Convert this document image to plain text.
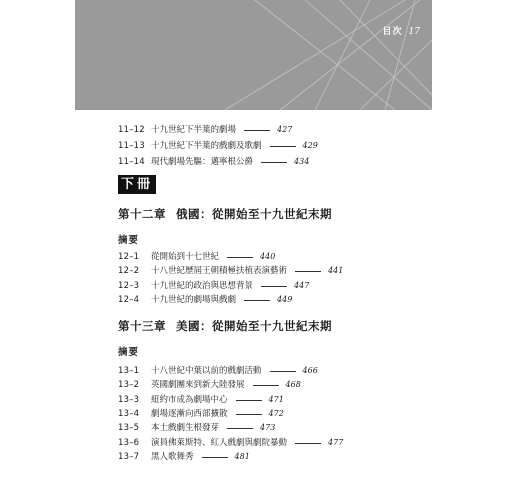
目次 17
11–12 十九世紀下半葉的劇場	427
11–13 十九世紀下半葉的戲劇及歌劇	429
11–14 現代劇場先驅：邁寧根公爵	434
下冊
第十二章 俄國：從開始至十九世紀末期
摘要
12–1	從開始到十七世紀	440
12–2	十八世紀歷屆王朝積極扶植表演藝術	441
12–3	十九世紀的政治與思想背景	447
12–4	十九世紀的劇場與戲劇	449
第十三章 美國：從開始至十九世紀末期
摘要
13–1	十八世紀中葉以前的戲劇活動	466
13–2	英國劇團來到新大陸發展	468
13–3	紐約市成為劇場中心	471
13–4	劇場逐漸向西部擴散	472
13–5	本土戲劇生根發芽	473
13–6	演員佛萊斯特、紅人戲劇與劇院暴動	477
13–7	黑人歌舞秀	481
